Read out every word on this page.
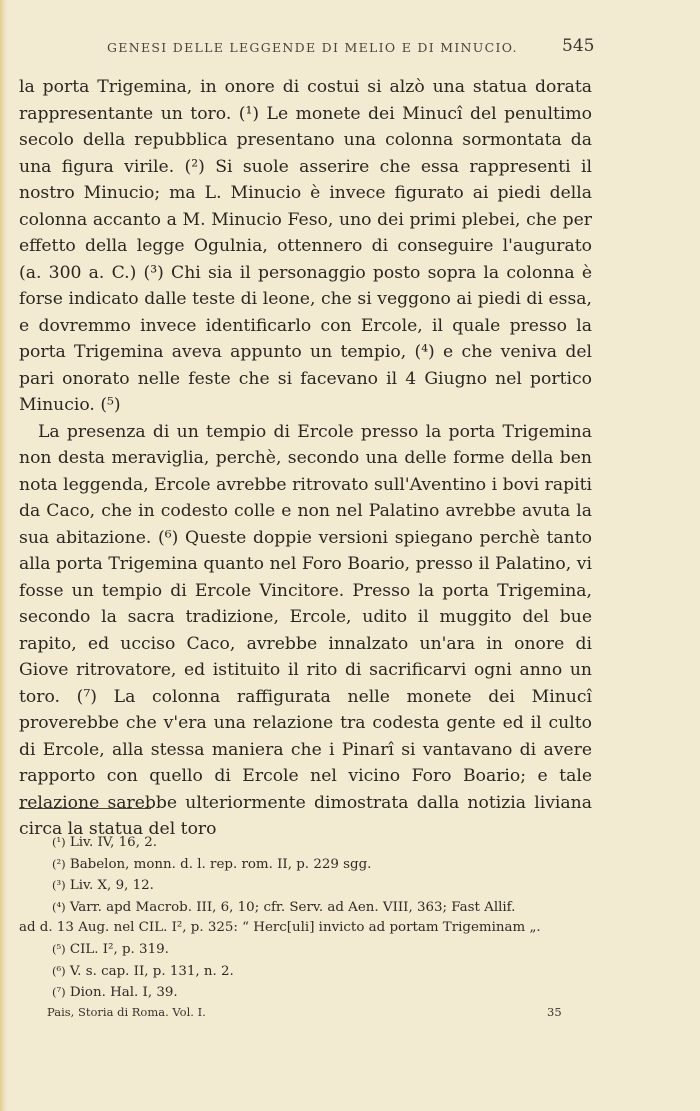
GENESI DELLE LEGGENDE DI MELIO E DI MINUCIO.	545

la porta Trigemina, in onore di costui si alzò una statua dorata rappresentante un toro. (¹) Le monete dei Minucî del penultimo secolo della repubblica presentano una colonna sormontata da una figura virile. (²) Si suole asserire che essa rappresenti il nostro Minucio; ma L. Minucio è invece figurato ai piedi della colonna accanto a M. Minucio Feso, uno dei primi plebei, che per effetto della legge Ogulnia, ottennero di conseguire l'augurato (a. 300 a. C.) (³) Chi sia il personaggio posto sopra la colonna è forse indicato dalle teste di leone, che si veggono ai piedi di essa, e dovremmo invece identificarlo con Ercole, il quale presso la porta Trigemina aveva appunto un tempio, (⁴) e che veniva del pari onorato nelle feste che si facevano il 4 Giugno nel portico Minucio. (⁵)

La presenza di un tempio di Ercole presso la porta Trigemina non desta meraviglia, perchè, secondo una delle forme della ben nota leggenda, Ercole avrebbe ritrovato sull'Aventino i bovi rapiti da Caco, che in codesto colle e non nel Palatino avrebbe avuta la sua abitazione. (⁶) Queste doppie versioni spiegano perchè tanto alla porta Trigemina quanto nel Foro Boario, presso il Palatino, vi fosse un tempio di Ercole Vincitore. Presso la porta Trigemina, secondo la sacra tradizione, Ercole, udito il muggito del bue rapito, ed ucciso Caco, avrebbe innalzato un'ara in onore di Giove ritrovatore, ed istituito il rito di sacrificarvi ogni anno un toro. (⁷) La colonna raffigurata nelle monete dei Minucî proverebbe che v'era una relazione tra codesta gente ed il culto di Ercole, alla stessa maniera che i Pinarî si vantavano di avere rapporto con quello di Ercole nel vicino Foro Boario; e tale relazione sarebbe ulteriormente dimostrata dalla notizia liviana circa la statua del toro

(¹) Liv. IV, 16, 2.
(²) Babelon, monn. d. l. rep. rom. II, p. 229 sgg.
(³) Liv. X, 9, 12.
(⁴) Varr. apd Macrob. III, 6, 10; cfr. Serv. ad Aen. VIII, 363; Fast Allif.
ad d. 13 Aug. nel CIL. I², p. 325: “ Herc[uli] invicto ad portam Trigeminam „.
(⁵) CIL. I², p. 319.
(⁶) V. s. cap. II, p. 131, n. 2.
(⁷) Dion. Hal. I, 39.
Pais, Storia di Roma. Vol. I.	35
